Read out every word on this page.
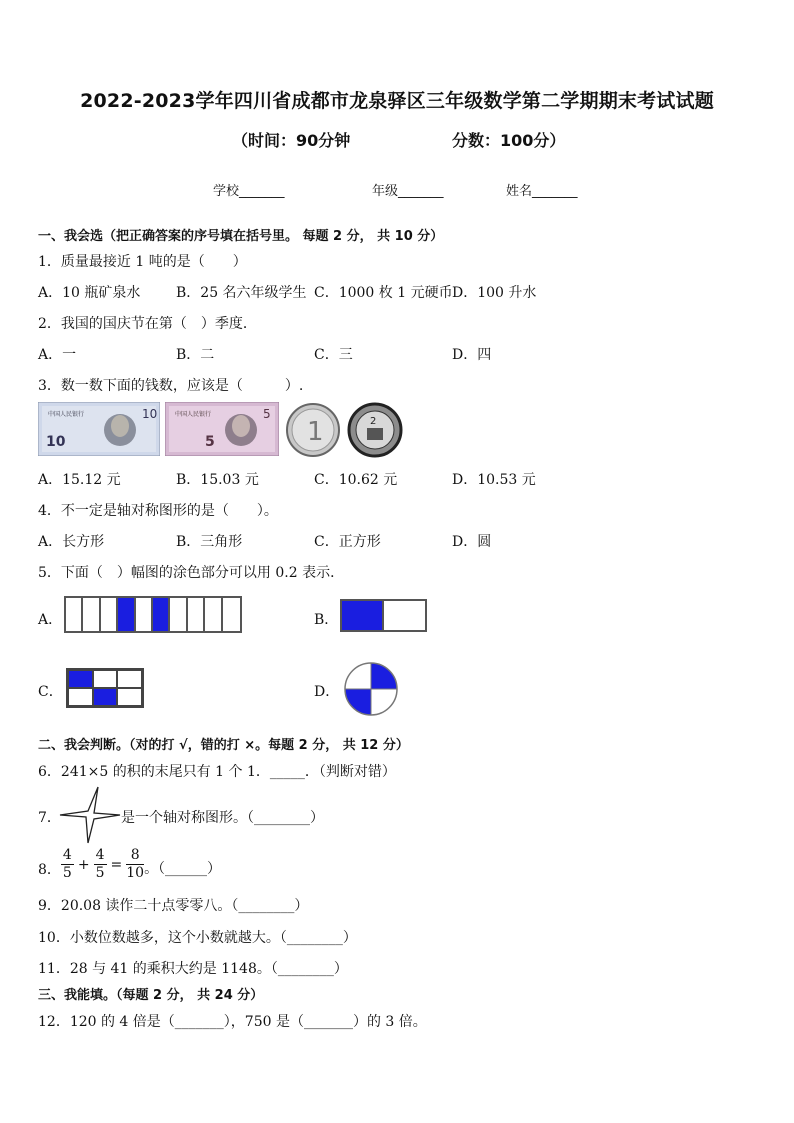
2022-2023学年四川省成都市龙泉驿区三年级数学第二学期期末考试试题
（时间：90分钟	分数：100分）
学校_______	年级_______	姓名_______
一、我会选（把正确答案的序号填在括号里。 每题 2 分， 共 10 分）
1．质量最接近 1 吨的是（　　）
A．10 瓶矿泉水	B．25 名六年级学生 C．1000 枚 1 元硬币 D．100 升水
2．我国的国庆节在第（　）季度．
A．一	B．二	C．三	D．四
3．数一数下面的钱数，应该是（　　　）.
中国人民银行
10
10	中国人民银行
5
5
1	2
A．15.12 元	B．15.03 元	C．10.62 元	D．10.53 元
4．不一定是轴对称图形的是（　　）。
A．长方形	B．三角形	C．正方形	D．圆
5．下面（　）幅图的涂色部分可以用 0.2 表示．
A．	B．
C．	D．
二、我会判断。（对的打 √，错的打 ×。每题 2 分， 共 12 分）
6．241×5 的积的末尾只有 1 个 1．_____．（判断对错）
7．	是一个轴对称图形。（________）
8． $\frac{4}{5} + \frac{4}{5} = \frac{8}{10}$ 。（______）
9．20.08 读作二十点零零八。（________）
10．小数位数越多，这个小数就越大。（________）
11．28 与 41 的乘积大约是 1148。（________）
三、我能填。（每题 2 分， 共 24 分）
12．120 的 4 倍是（_______），750 是（_______）的 3 倍。
